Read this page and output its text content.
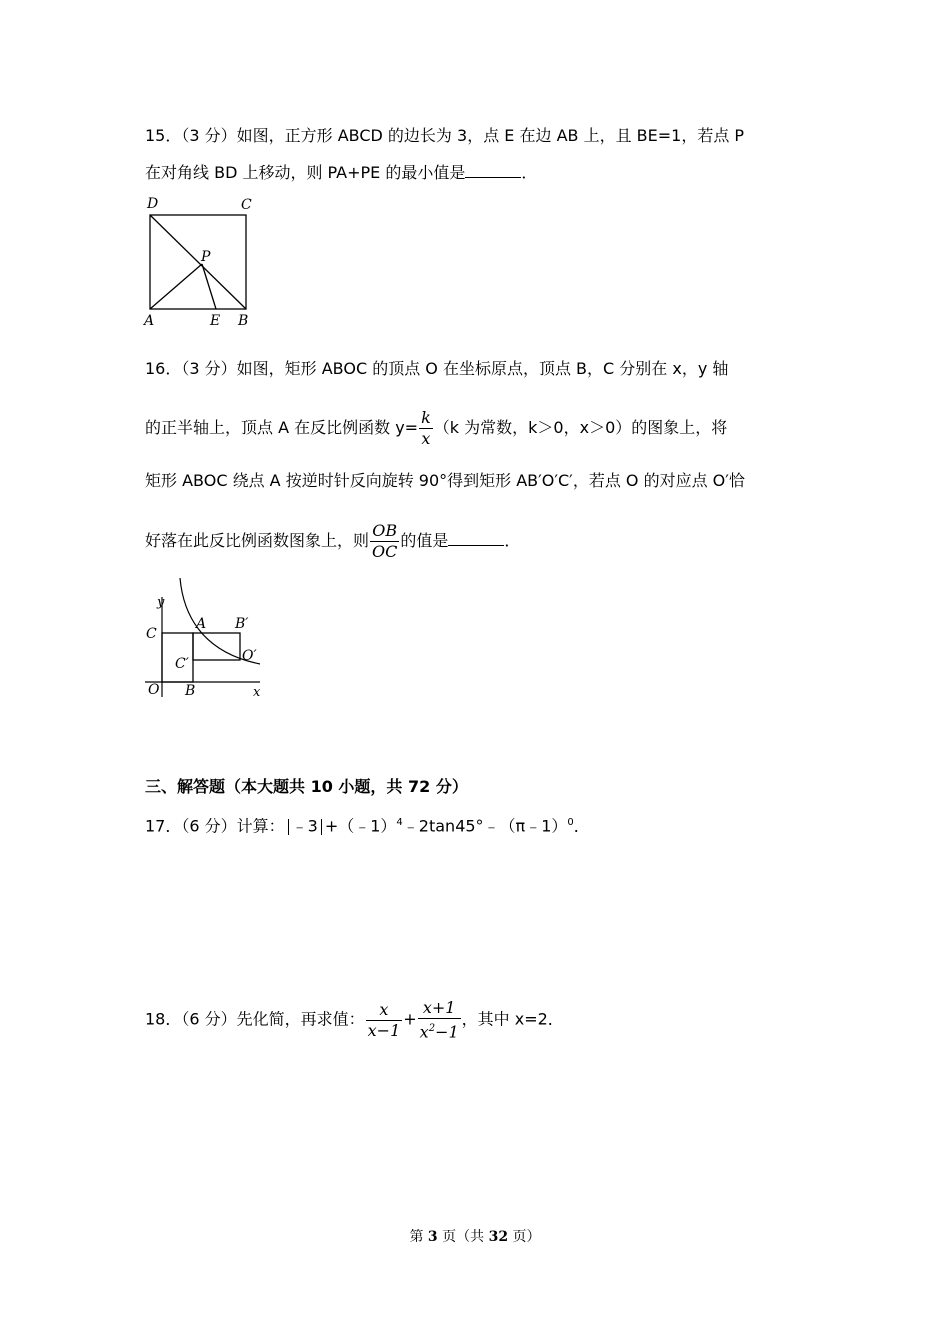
15．（3 分）如图，正方形 ABCD 的边长为 3，点 E 在边 AB 上，且 BE=1，若点 P
在对角线 BD 上移动，则 PA+PE 的最小值是	．
D	C
P
A	E B
16．（3 分）如图，矩形 ABOC 的顶点 O 在坐标原点，顶点 B，C 分别在 x，y 轴
的正半轴上，顶点 A 在反比例函数 $y= \frac{k}{x} (k$ 为常数，k＞0，x＞0）的图象上，将
矩形 ABOC 绕点 A 按逆时针反向旋转 90°得到矩形 AB′O′C′，若点 O 的对应点 O′恰
好落在此反比例函数图象上，则 $\frac{OB}{OC}$ 的值是	．
y
C
A B′
C′	O′
O B	x
三、解答题（本大题共 10 小题，共 72 分）
17．（6 分）计算： ﹣3 +（﹣1）$^4$﹣2tan45°﹣（π﹣1）$^0$．
18．（6 分）先化简，再求值： $\frac{x}{x-1} + \frac{x+1}{x^2-1}$ ，其中 x=2．
第 3 页（共 32 页）
